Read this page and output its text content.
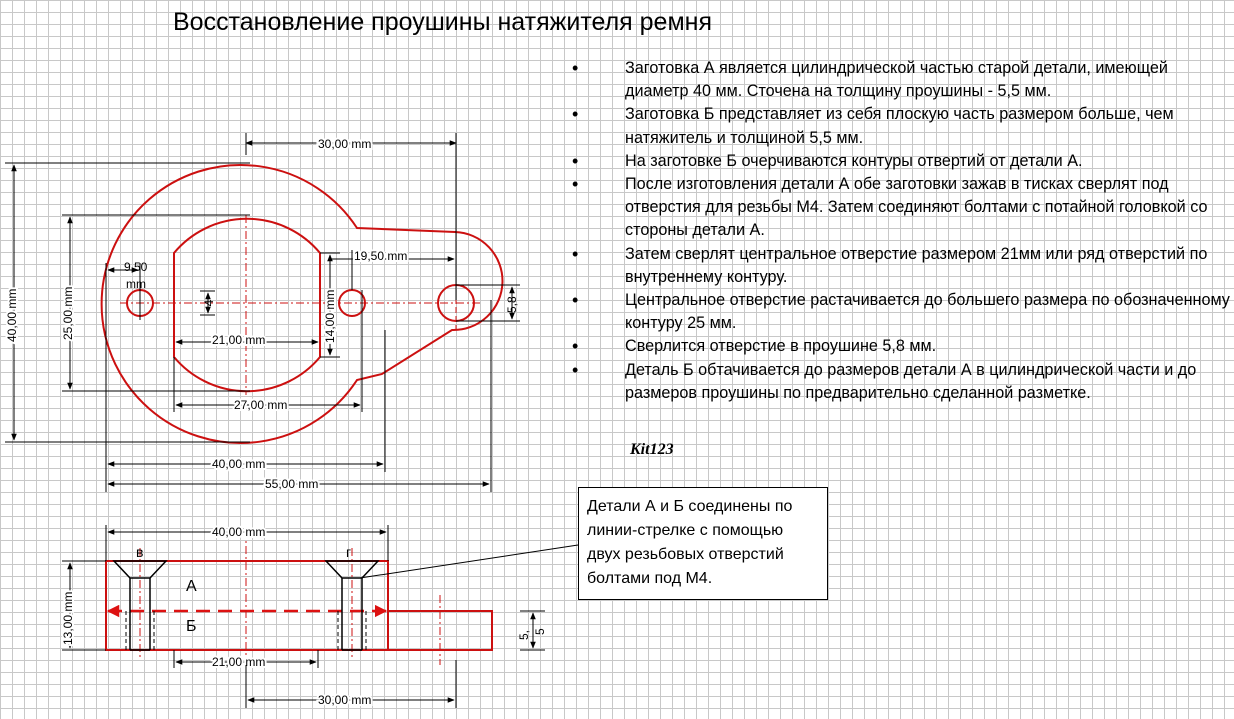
Восстановление проушины натяжителя ремня
• Заготовка А является цилиндрической частью старой детали, имеющей диаметр 40 мм. Сточена на толщину проушины - 5,5 мм.
• Заготовка Б представляет из себя плоскую часть размером больше, чем натяжитель и толщиной 5,5 мм.
• На заготовке Б очерчиваются контуры отвертий от детали А.
• После изготовления детали А обе заготовки зажав в тисках сверлят под отверстия для резьбы М4. Затем соединяют болтами с потайной головкой со стороны детали А.
• Затем сверлят центральное отверстие размером 21мм или ряд отверстий по внутреннему контуру.
• Центральное отверстие растачивается до большего размера по обозначенному контуру 25 мм.
• Сверлится отверстие в проушине 5,8 мм.
• Деталь Б обтачивается до размеров детали А в цилиндрической части и до размеров проушины по предварительно сделанной разметке.
Kit123
Детали А и Б соединены по линии-стрелке с помощью двух резьбовых отверстий болтами под М4.
30,00 mm
40,00 mm	25,00 mm
9,50
mm
4	14,00 mm
19,50 mm
5,8
21,00 mm
27,00 mm
40,00 mm
55,00 mm
в	г
А
Б
40,00 mm
13,00 mm
21,00 mm
30,00 mm
5, 5
